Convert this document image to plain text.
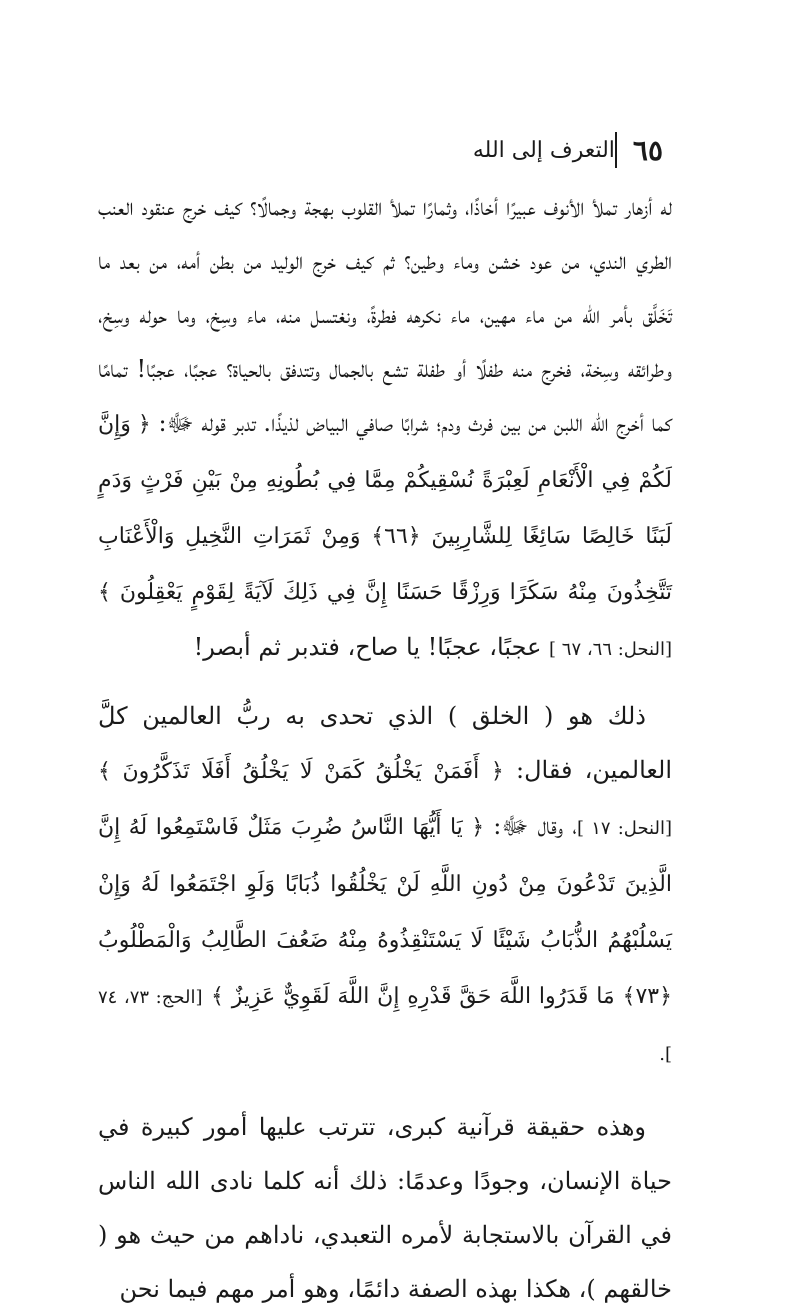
التعرف إلى الله ٦٥

له أزهار تملأ الأنوف عبيرًا أخاذًا، وثمارًا تملأ القلوب بهجة وجمالًا؟ كيف خرج عنقود العنب الطري الندي، من عود خشن وماء وطين؟ ثم كيف خرج الوليد من بطن أمه، من بعد ما تَخَلَّق بأمر الله من ماء مهين، ماء نكرهه فطرةً، ونغتسل منه، ماء وسِخ، وما حوله وسِخ، وطرائقه وسِخة، فخرج منه طفلًا أو طفلة تشع بالجمال وتتدفق بالحياة؟ عجبًا، عجبًا! تمامًا كما أخرج الله اللبن من بين فرث ودم؛ شرابًا صافي البياض لذيذًا. تدبر قوله ﷻ: ﴿ وَإِنَّ لَكُمْ فِي الْأَنْعَامِ لَعِبْرَةً نُسْقِيكُمْ مِمَّا فِي بُطُونِهِ مِنْ بَيْنِ فَرْثٍ وَدَمٍ لَبَنًا خَالِصًا سَائِغًا لِلشَّارِبِينَ ﴿٦٦﴾ وَمِنْ ثَمَرَاتِ النَّخِيلِ وَالْأَعْنَابِ تَتَّخِذُونَ مِنْهُ سَكَرًا وَرِزْقًا حَسَنًا إِنَّ فِي ذَلِكَ لَآيَةً لِقَوْمٍ يَعْقِلُونَ ﴾ [النحل: ٦٦، ٦٧ ] عجبًا، عجبًا! يا صاح، فتدبر ثم أبصر!

ذلك هو ( الخلق ) الذي تحدى به ربُّ العالمين كلَّ العالمين، فقال: ﴿ أَفَمَنْ يَخْلُقُ كَمَنْ لَا يَخْلُقُ أَفَلَا تَذَكَّرُونَ ﴾[النحل: ١٧ ]، وقال ﷻ: ﴿ يَا أَيُّهَا النَّاسُ ضُرِبَ مَثَلٌ فَاسْتَمِعُوا لَهُ إِنَّ الَّذِينَ تَدْعُونَ مِنْ دُونِ اللَّهِ لَنْ يَخْلُقُوا ذُبَابًا وَلَوِ اجْتَمَعُوا لَهُ وَإِنْ يَسْلُبْهُمُ الذُّبَابُ شَيْئًا لَا يَسْتَنْقِذُوهُ مِنْهُ ضَعُفَ الطَّالِبُ وَالْمَطْلُوبُ ﴿٧٣﴾ مَا قَدَرُوا اللَّهَ حَقَّ قَدْرِهِ إِنَّ اللَّهَ لَقَوِيٌّ عَزِيزٌ ﴾ [الحج: ٧٣، ٧٤ ].

وهذه حقيقة قرآنية كبرى، تترتب عليها أمور كبيرة في حياة الإنسان، وجودًا وعدمًا: ذلك أنه كلما نادى الله الناس في القرآن بالاستجابة لأمره التعبدي، ناداهم من حيث هو ( خالقهم )، هكذا بهذه الصفة دائمًا، وهو أمر مهم فيما نحن
